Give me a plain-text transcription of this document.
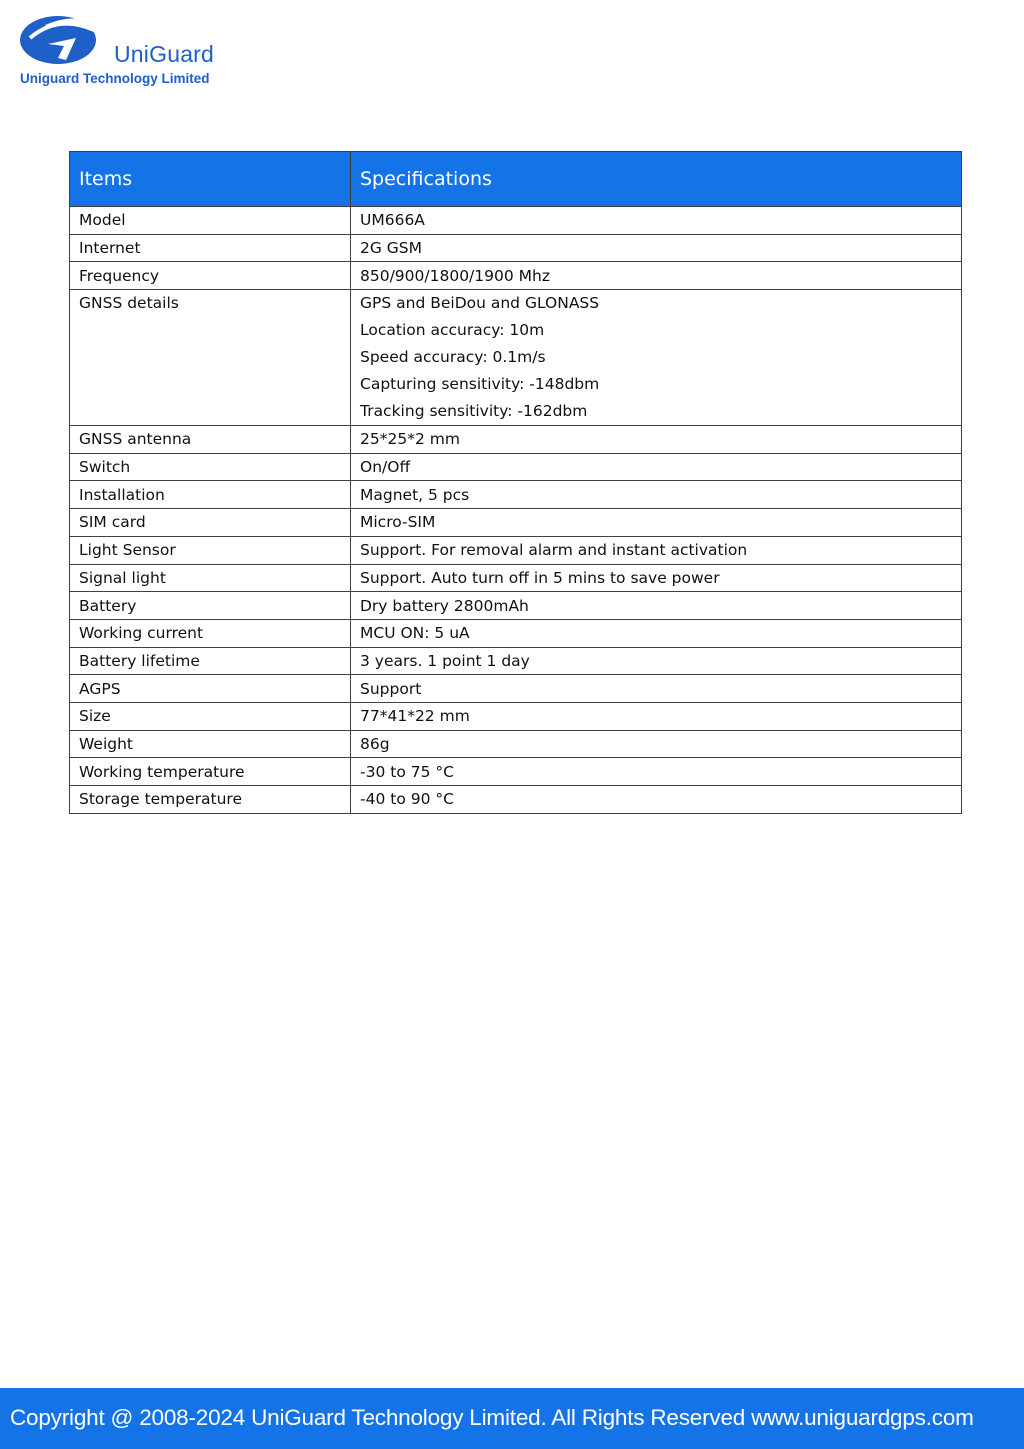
UniGuard
Uniguard Technology Limited
Items	Specifications
Model	UM666A
Internet	2G GSM
Frequency	850/900/1800/1900 Mhz

GNSS details	GPS and BeiDou and GLONASS
Location accuracy: 10m
Speed accuracy: 0.1m/s
Capturing sensitivity: -148dbm
Tracking sensitivity: -162dbm

GNSS antenna	25*25*2 mm
Switch	On/Off
Installation	Magnet, 5 pcs
SIM card	Micro-SIM
Light Sensor	Support. For removal alarm and instant activation
Signal light	Support. Auto turn off in 5 mins to save power
Battery	Dry battery 2800mAh
Working current	MCU ON: 5 uA
Battery lifetime	3 years. 1 point 1 day
AGPS	Support
Size	77*41*22 mm
Weight	86g
Working temperature	-30 to 75 °C
Storage temperature	-40 to 90 °C
Copyright @ 2008-2024 UniGuard Technology Limited. All Rights Reserved www.uniguardgps.com
